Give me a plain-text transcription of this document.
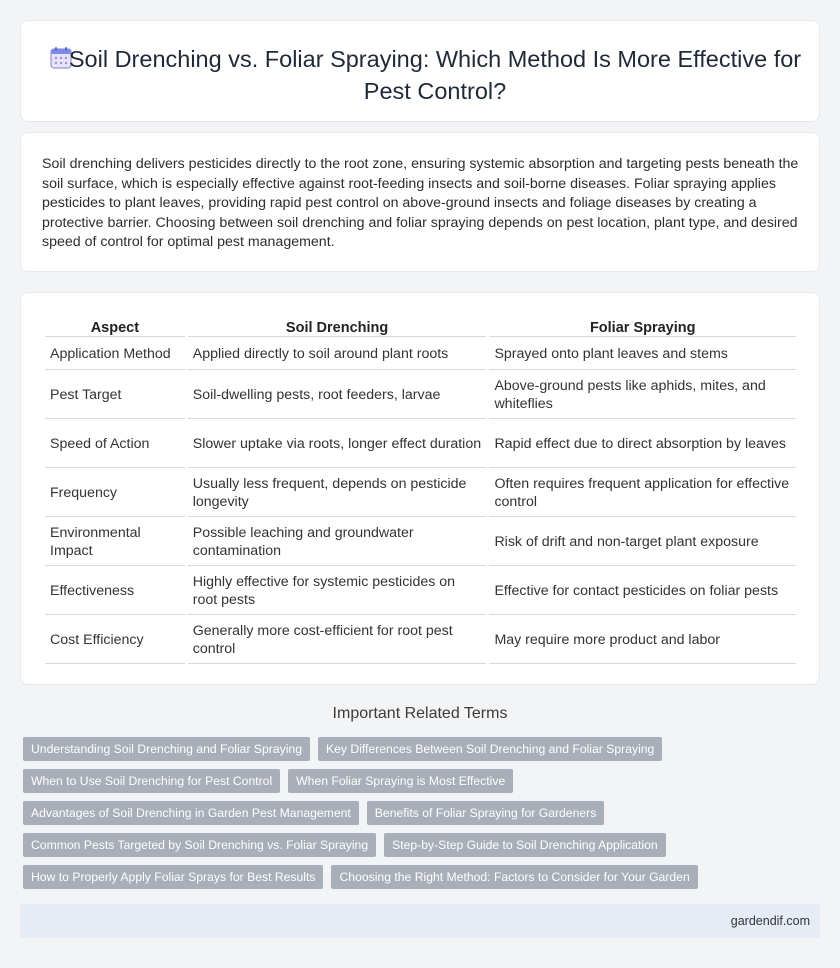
Soil Drenching vs. Foliar Spraying: Which Method Is More Effective for Pest Control?

Soil drenching delivers pesticides directly to the root zone, ensuring systemic absorption and targeting pests beneath the soil surface, which is especially effective against root-feeding insects and soil-borne diseases. Foliar spraying applies pesticides to plant leaves, providing rapid pest control on above-ground insects and foliage diseases by creating a protective barrier. Choosing between soil drenching and foliar spraying depends on pest location, plant type, and desired speed of control for optimal pest management.

Aspect	Soil Drenching	Foliar Spraying
Application Method	Applied directly to soil around plant roots	Sprayed onto plant leaves and stems
Pest Target	Soil-dwelling pests, root feeders, larvae	Above-ground pests like aphids, mites, and whiteflies
Speed of Action	Slower uptake via roots, longer effect duration	Rapid effect due to direct absorption by leaves
Frequency	Usually less frequent, depends on pesticide longevity	Often requires frequent application for effective control
Environmental Impact	Possible leaching and groundwater contamination	Risk of drift and non-target plant exposure
Effectiveness	Highly effective for systemic pesticides on root pests	Effective for contact pesticides on foliar pests
Cost Efficiency	Generally more cost-efficient for root pest control	May require more product and labor
Important Related Terms
Understanding Soil Drenching and Foliar Spraying	Key Differences Between Soil Drenching and Foliar Spraying
When to Use Soil Drenching for Pest Control	When Foliar Spraying is Most Effective
Advantages of Soil Drenching in Garden Pest Management	Benefits of Foliar Spraying for Gardeners
Common Pests Targeted by Soil Drenching vs. Foliar Spraying	Step-by-Step Guide to Soil Drenching Application
How to Properly Apply Foliar Sprays for Best Results	Choosing the Right Method: Factors to Consider for Your Garden
gardendif.com
